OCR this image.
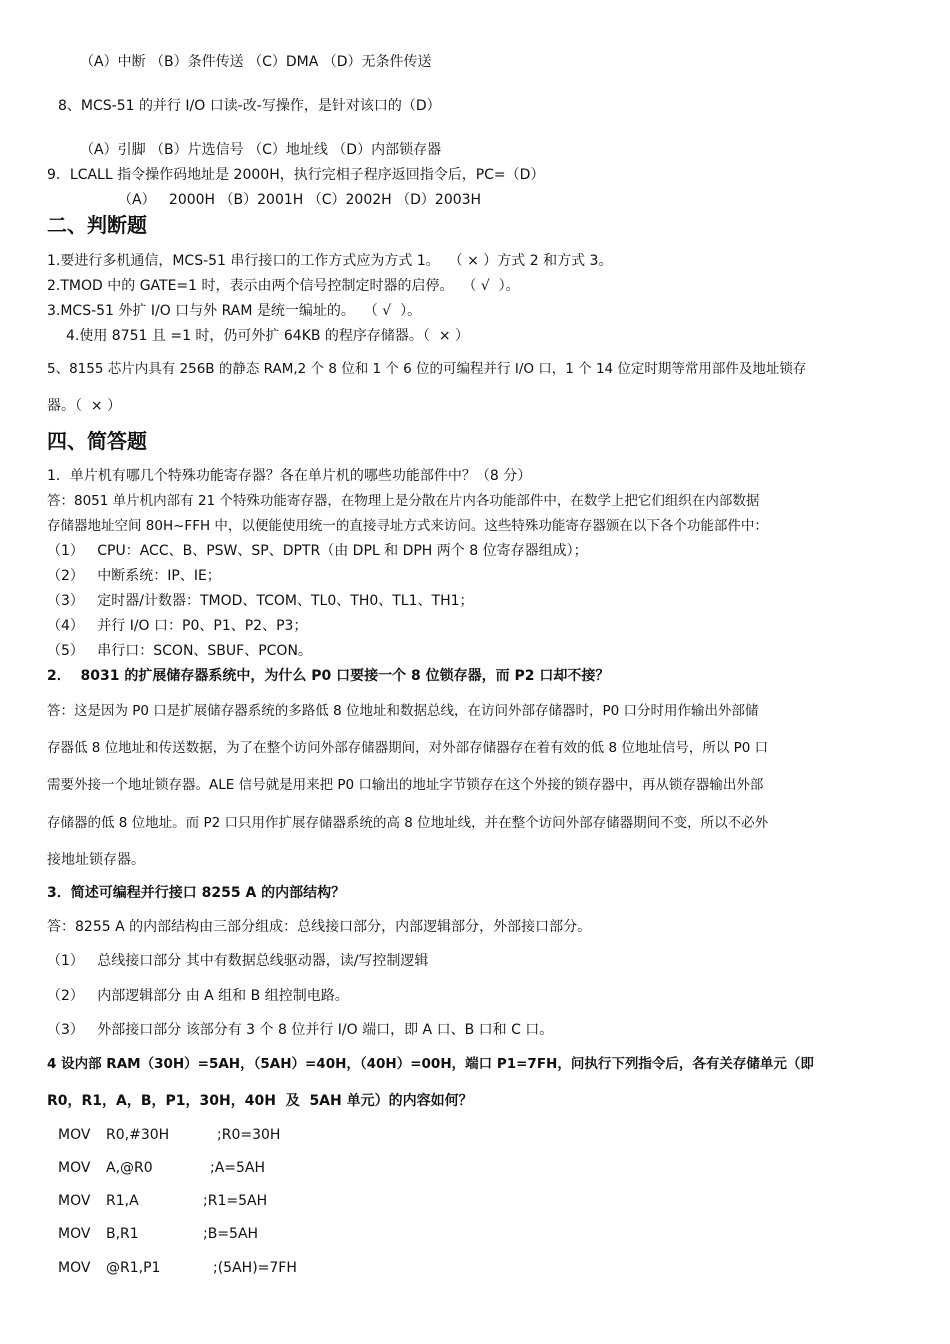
（A）中断 （B）条件传送 （C）DMA （D）无条件传送
8、MCS-51 的并行 I/O 口读-改-写操作，是针对该口的（D）
（A）引脚 （B）片选信号 （C）地址线 （D）内部锁存器
9．LCALL 指令操作码地址是 2000H，执行完相子程序返回指令后，PC=（D）
（A）   2000H （B）2001H （C）2002H （D）2003H
二、判断题
1.要进行多机通信，MCS-51 串行接口的工作方式应为方式 1。  （ × ）方式 2 和方式 3。
2.TMOD 中的 GATE=1 时，表示由两个信号控制定时器的启停。  （ √  ）。
3.MCS-51 外扩 I/O 口与外 RAM 是统一编址的。  （ √  ）。
4.使用 8751 且 =1 时，仍可外扩 64KB 的程序存储器。（  × ）
5、8155 芯片内具有 256B 的静态 RAM,2 个 8 位和 1 个 6 位的可编程并行 I/O 口，1 个 14 位定时期等常用部件及地址锁存
器。（  × ）
四、简答题
1．单片机有哪几个特殊功能寄存器？各在单片机的哪些功能部件中？（8 分）
答：8051 单片机内部有 21 个特殊功能寄存器，在物理上是分散在片内各功能部件中，在数学上把它们组织在内部数据
存储器地址空间 80H~FFH 中，以便能使用统一的直接寻址方式来访问。这些特殊功能寄存器颁在以下各个功能部件中：
（1）   CPU：ACC、B、PSW、SP、DPTR（由 DPL 和 DPH 两个 8 位寄存器组成）；
（2）   中断系统：IP、IE；
（3）   定时器/计数器：TMOD、TCOM、TL0、TH0、TL1、TH1；
（4）   并行 I/O 口：P0、P1、P2、P3；
（5）   串行口：SCON、SBUF、PCON。
2．  8031 的扩展储存器系统中，为什么 P0 口要接一个 8 位锁存器，而 P2 口却不接？
答：这是因为 P0 口是扩展储存器系统的多路低 8 位地址和数据总线，在访问外部存储器时，P0 口分时用作输出外部储
存器低 8 位地址和传送数据，为了在整个访问外部存储器期间，对外部存储器存在着有效的低 8 位地址信号，所以 P0 口
需要外接一个地址锁存器。ALE 信号就是用来把 P0 口输出的地址字节锁存在这个外接的锁存器中，再从锁存器输出外部
存储器的低 8 位地址。而 P2 口只用作扩展存储器系统的高 8 位地址线，并在整个访问外部存储器期间不变，所以不必外
接地址锁存器。
3．简述可编程并行接口 8255 A 的内部结构？
答：8255 A 的内部结构由三部分组成：总线接口部分，内部逻辑部分，外部接口部分。
（1）   总线接口部分 其中有数据总线驱动器，读/写控制逻辑
（2）   内部逻辑部分 由 A 组和 B 组控制电路。
（3）   外部接口部分 该部分有 3 个 8 位并行 I/O 端口，即 A 口、B 口和 C 口。
4 设内部 RAM（30H）=5AH，（5AH）=40H，（40H）=00H，端口 P1=7FH，问执行下列指令后，各有关存储单元（即
R0，R1，A，B，P1，30H，40H  及  5AH 单元）的内容如何？
MOV R0,#30H	;R0=30H
MOV A,@R0	;A=5AH
MOV R1,A	;R1=5AH
MOV B,R1	;B=5AH
MOV @R1,P1	;(5AH)=7FH
